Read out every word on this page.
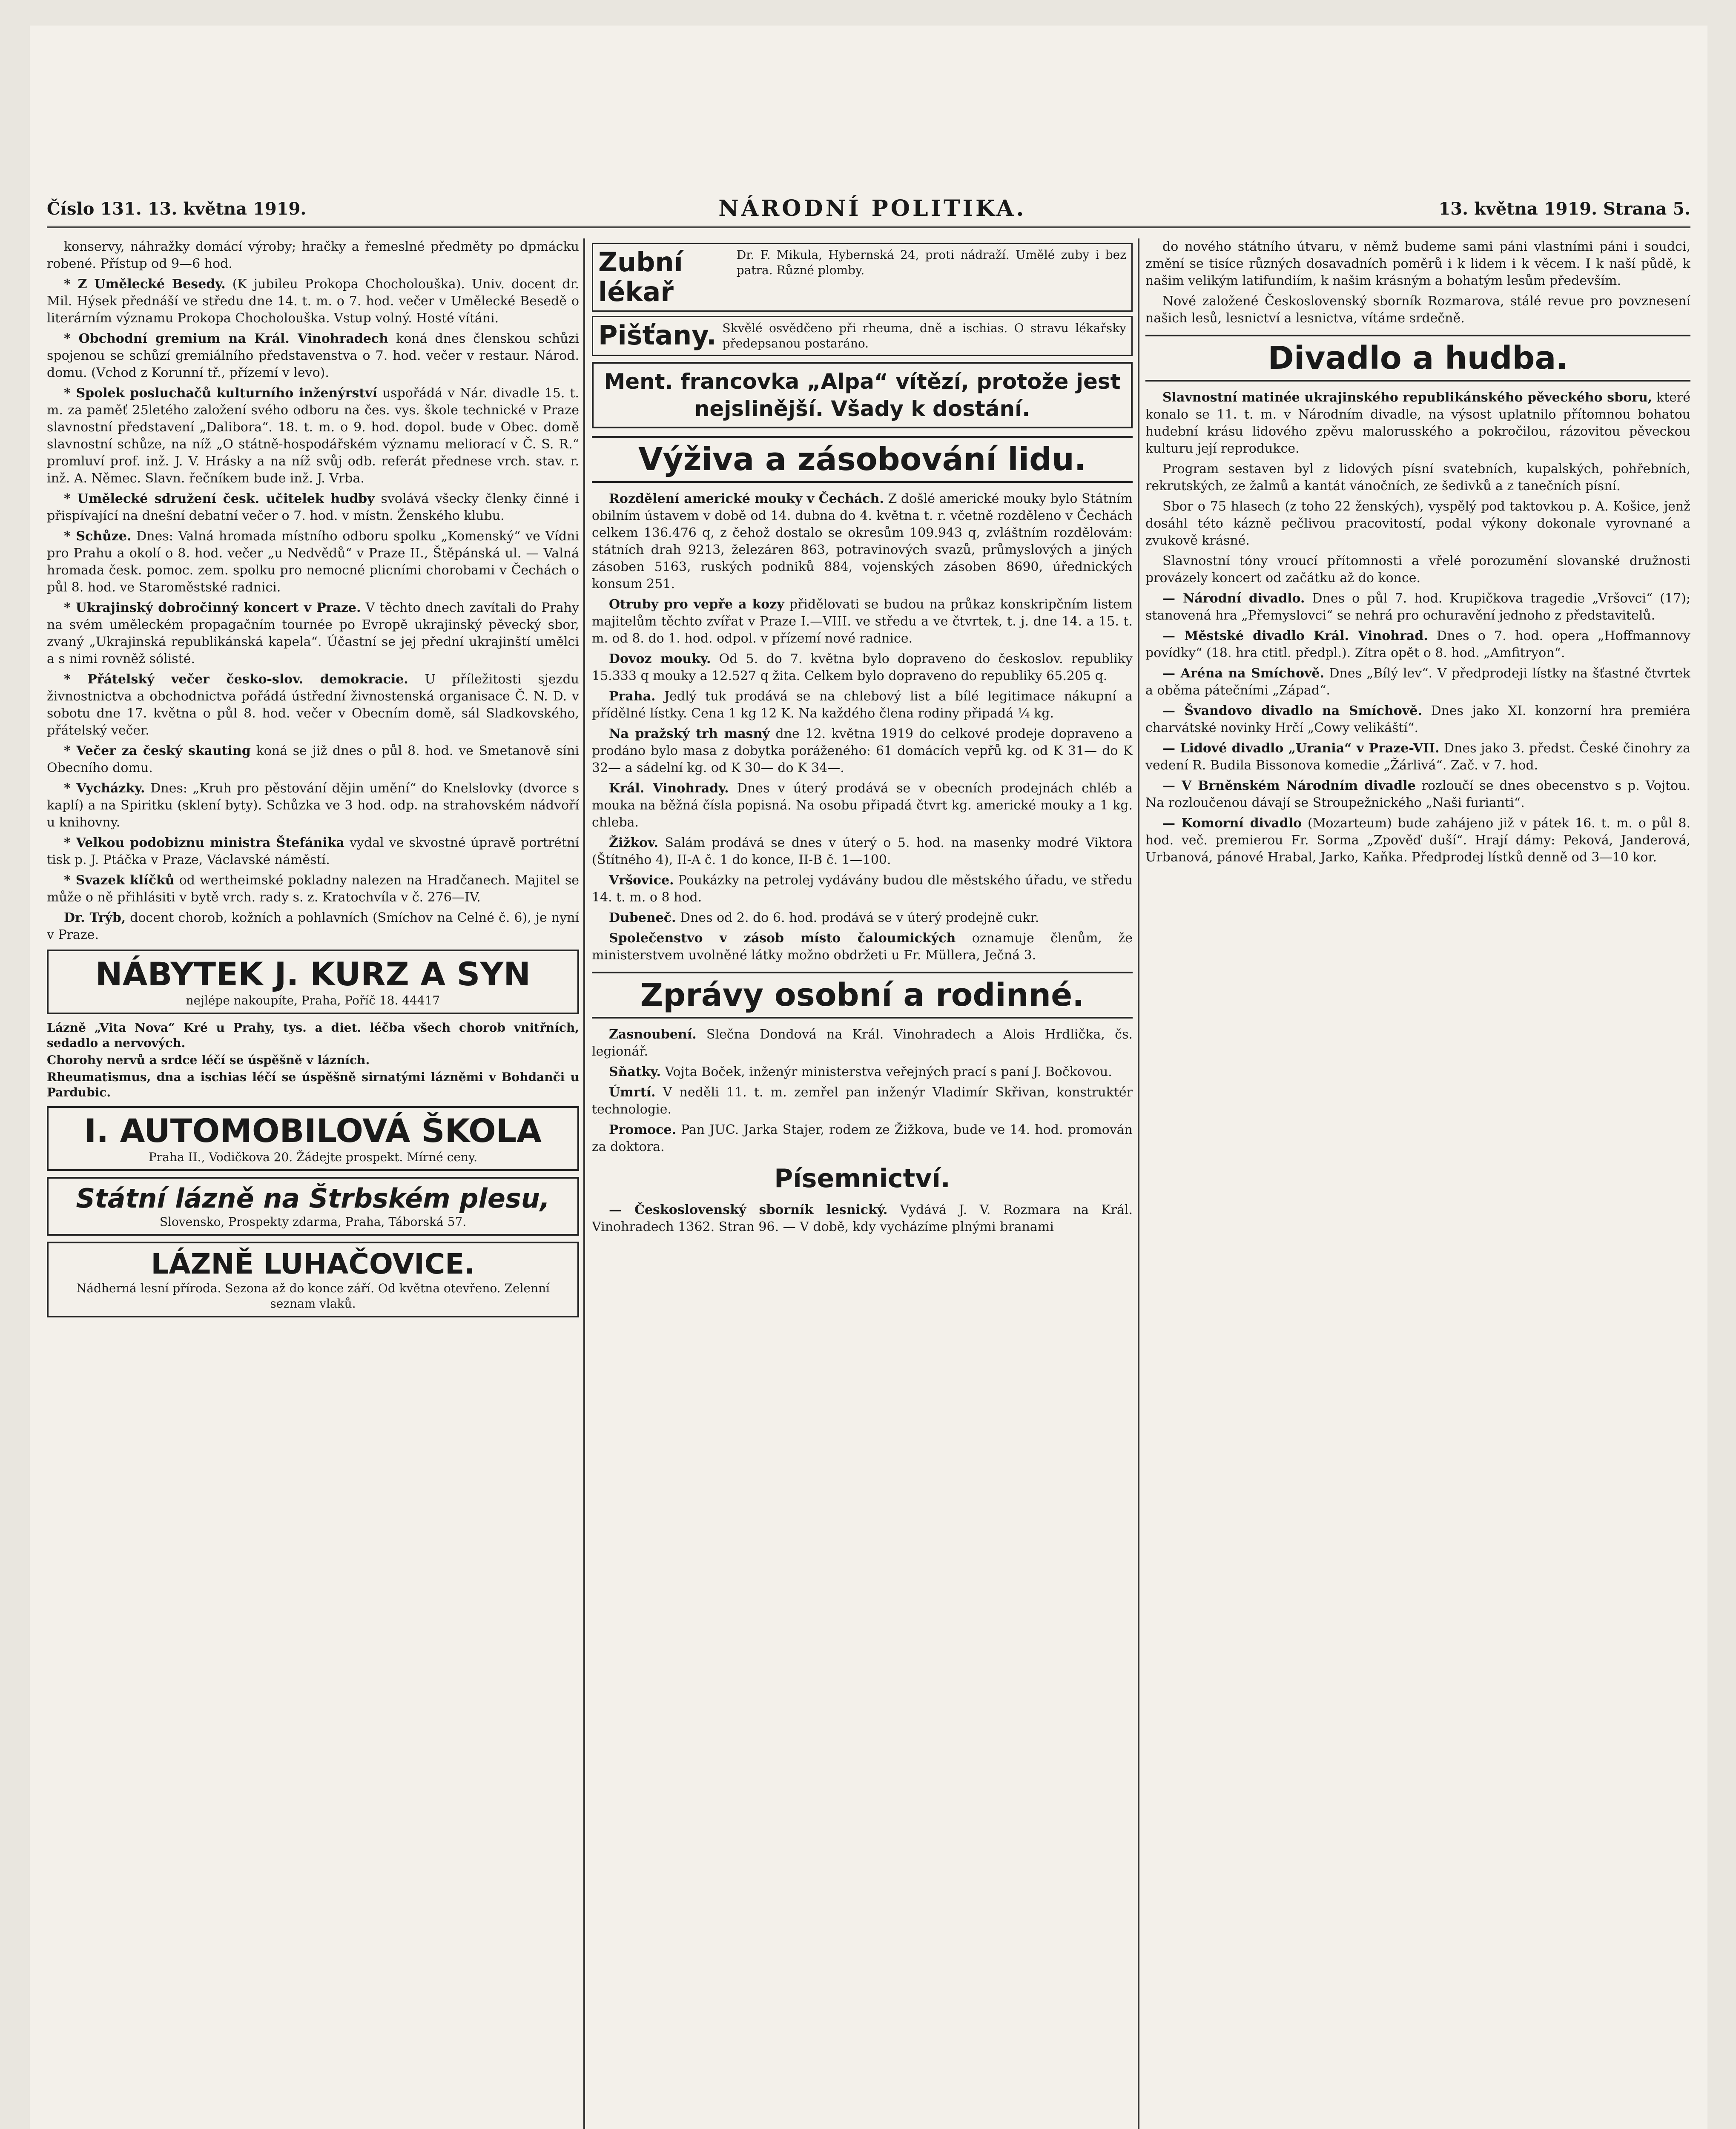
Číslo 131. 13. května 1919.	NÁRODNÍ POLITIKA.	13. května 1919. Strana 5.

konservy, náhražky domácí výroby; hračky a řemeslné předměty po dpmácku robené. Přístup od 9—6 hod.

* Z Umělecké Besedy. (K jubileu Prokopa Chocholouška). Univ. docent dr. Mil. Hýsek přednáší ve středu dne 14. t. m. o 7. hod. večer v Umělecké Besedě o literárním významu Prokopa Chocholouška. Vstup volný. Hosté vítáni.

* Obchodní gremium na Král. Vinohradech koná dnes členskou schůzi spojenou se schůzí gremiálního představenstva o 7. hod. večer v restaur. Národ. domu. (Vchod z Korunní tř., přízemí v levo).

* Spolek posluchačů kulturního inženýrství uspořádá v Nár. divadle 15. t. m. za paměť 25letého založení svého odboru na čes. vys. škole technické v Praze slavnostní představení „Dalibora“. 18. t. m. o 9. hod. dopol. bude v Obec. domě slavnostní schůze, na níž „O státně-hospodářském významu meliorací v Č. S. R.“ promluví prof. inž. J. V. Hrásky a na níž svůj odb. referát přednese vrch. stav. r. inž. A. Němec. Slavn. řečníkem bude inž. J. Vrba.

* Umělecké sdružení česk. učitelek hudby svolává všecky členky činné i přispívající na dnešní debatní večer o 7. hod. v místn. Ženského klubu.

* Schůze. Dnes: Valná hromada místního odboru spolku „Komenský“ ve Vídni pro Prahu a okolí o 8. hod. večer „u Nedvědů“ v Praze II., Štěpánská ul. — Valná hromada česk. pomoc. zem. spolku pro nemocné plicními chorobami v Čechách o půl 8. hod. ve Staroměstské radnici.

* Ukrajinský dobročinný koncert v Praze. V těchto dnech zavítali do Prahy na svém uměleckém propagačním tournée po Evropě ukrajinský pěvecký sbor, zvaný „Ukrajinská republikánská kapela“. Účastní se jej přední ukrajinští umělci a s nimi rovněž sólisté.

* Přátelský večer česko-slov. demokracie. U příležitosti sjezdu živnostnictva a obchodnictva pořádá ústřední živnostenská organisace Č. N. D. v sobotu dne 17. května o půl 8. hod. večer v Obecním domě, sál Sladkovského, přátelský večer.

* Večer za český skauting koná se již dnes o půl 8. hod. ve Smetanově síni Obecního domu.

* Vycházky. Dnes: „Kruh pro pěstování dějin umění“ do Knelslovky (dvorce s kaplí) a na Spiritku (sklení byty). Schůzka ve 3 hod. odp. na strahovském nádvoří u knihovny.

* Velkou podobiznu ministra Štefánika vydal ve skvostné úpravě portrétní tisk p. J. Ptáčka v Praze, Václavské náměstí.

* Svazek klíčků od wertheimské pokladny nalezen na Hradčanech. Majitel se může o ně přihlásiti v bytě vrch. rady s. z. Kratochvíla v č. 276—IV.

Dr. Trýb, docent chorob, kožních a pohlavních (Smíchov na Celné č. 6), je nyní v Praze.

NÁBYTEK J. KURZ A SYN
nejlépe nakoupíte, Praha, Poříč 18. 44417
Lázně „Vita Nova“ Kré u Prahy, tys. a diet. léčba všech chorob vnitřních, sedadlo a nervových.
Chorohy nervů a srdce léčí se úspěšně v lázních.
Rheumatismus, dna a ischias léčí se úspěšně sirnatými lázněmi v Bohdanči u Pardubic.
I. AUTOMOBILOVÁ ŠKOLA
Praha II., Vodičkova 20. Žádejte prospekt. Mírné ceny.
Státní lázně na Štrbském plesu,
Slovensko, Prospekty zdarma, Praha, Táborská 57.
LÁZNĚ LUHAČOVICE.
Nádherná lesní příroda. Sezona až do konce září. Od května otevřeno. Zelenní seznam vlaků.
Zubní lékař
Dr. F. Mikula, Hybernská 24, proti nádraží. Umělé zuby i bez patra. Různé plomby.
Pišťany. Skvělé osvědčeno při rheuma, dně a ischias. O stravu lékařsky předepsanou postaráno.
Ment. francovka „Alpa“ vítězí, protože jest nejslinější. Všady k dostání.
Výživa a zásobování lidu.

Rozdělení americké mouky v Čechách. Z došlé americké mouky bylo Státním obilním ústavem v době od 14. dubna do 4. května t. r. včetně rozděleno v Čechách celkem 136.476 q, z čehož dostalo se okresům 109.943 q, zvláštním rozdělovám: státních drah 9213, železáren 863, potravinových svazů, průmyslových a jiných zásoben 5163, ruských podniků 884, vojenských zásoben 8690, úřednických konsum 251.

Otruby pro vepře a kozy přidělovati se budou na průkaz konskripčním listem majitelům těchto zvířat v Praze I.—VIII. ve středu a ve čtvrtek, t. j. dne 14. a 15. t. m. od 8. do 1. hod. odpol. v přízemí nové radnice.

Dovoz mouky. Od 5. do 7. května bylo dopraveno do českoslov. republiky 15.333 q mouky a 12.527 q žita. Celkem bylo dopraveno do republiky 65.205 q.

Praha. Jedlý tuk prodává se na chlebový list a bílé legitimace nákupní a přídělné lístky. Cena 1 kg 12 K. Na každého člena rodiny připadá ¼ kg.

Na pražský trh masný dne 12. května 1919 do celkové prodeje dopraveno a prodáno bylo masa z dobytka poráženého: 61 domácích vepřů kg. od K 31— do K 32— a sádelní kg. od K 30— do K 34—.

Král. Vinohrady. Dnes v úterý prodává se v obecních prodejnách chléb a mouka na běžná čísla popisná. Na osobu připadá čtvrt kg. americké mouky a 1 kg. chleba.

Žižkov. Salám prodává se dnes v úterý o 5. hod. na masenky modré Viktora (Štítného 4), II-A č. 1 do konce, II-B č. 1—100.

Vršovice. Poukázky na petrolej vydávány budou dle městského úřadu, ve středu 14. t. m. o 8 hod.

Dubeneč. Dnes od 2. do 6. hod. prodává se v úterý prodejně cukr.

Společenstvo v zásob místo čaloumických oznamuje členům, že ministerstvem uvolněné látky možno obdržeti u Fr. Müllera, Ječná 3.

Zprávy osobní a rodinné.

Zasnoubení. Slečna Dondová na Král. Vinohradech a Alois Hrdlička, čs. legionář.

Sňatky. Vojta Boček, inženýr ministerstva veřejných prací s paní J. Bočkovou.

Úmrtí. V neděli 11. t. m. zemřel pan inženýr Vladimír Skřivan, konstruktér technologie.

Promoce. Pan JUC. Jarka Stajer, rodem ze Žižkova, bude ve 14. hod. promován za doktora.

Písemnictví.

— Československý sborník lesnický. Vydává J. V. Rozmara na Král. Vinohradech 1362. Stran 96. — V době, kdy vycházíme plnými branami

do nového státního útvaru, v němž budeme sami páni vlastními páni i soudci, změní se tisíce různých dosavadních poměrů i k lidem i k věcem. I k naší půdě, k našim velikým latifundiím, k našim krásným a bohatým lesům především.

Nové založené Československý sborník Rozmarova, stálé revue pro povznesení našich lesů, lesnictví a lesnictva, vítáme srdečně.

Divadlo a hudba.

Slavnostní matinée ukrajinského republikánského pěveckého sboru, které konalo se 11. t. m. v Národním divadle, na výsost uplatnilo přítomnou bohatou hudební krásu lidového zpěvu malorusského a pokročilou, rázovitou pěveckou kulturu její reprodukce.

Program sestaven byl z lidových písní svatebních, kupalských, pohřebních, rekrutských, ze žalmů a kantát vánočních, ze šedivků a z tanečních písní.

Sbor o 75 hlasech (z toho 22 ženských), vyspělý pod taktovkou p. A. Košice, jenž dosáhl této kázně pečlivou pracovitostí, podal výkony dokonale vyrovnané a zvukově krásné.

Slavnostní tóny vroucí přítomnosti a vřelé porozumění slovanské družnosti provázely koncert od začátku až do konce.

— Národní divadlo. Dnes o půl 7. hod. Krupičkova tragedie „Vršovci“ (17); stanovená hra „Přemyslovci“ se nehrá pro ochuravění jednoho z představitelů.

— Městské divadlo Král. Vinohrad. Dnes o 7. hod. opera „Hoffmannovy povídky“ (18. hra ctitl. předpl.). Zítra opět o 8. hod. „Amfitryon“.

— Aréna na Smíchově. Dnes „Bílý lev“. V předprodeji lístky na šťastné čtvrtek a oběma pátečními „Západ“.

— Švandovo divadlo na Smíchově. Dnes jako XI. konzorní hra premiéra charvátské novinky Hrčí „Cowy velikáští“.

— Lidové divadlo „Urania“ v Praze-VII. Dnes jako 3. předst. České činohry za vedení R. Budila Bissonova komedie „Žárlivá“. Zač. v 7. hod.

— V Brněnském Národním divadle rozloučí se dnes obecenstvo s p. Vojtou. Na rozloučenou dávají se Stroupežnického „Naši furianti“.

— Komorní divadlo (Mozarteum) bude zahájeno již v pátek 16. t. m. o půl 8. hod. več. premierou Fr. Sorma „Zpověď duší“. Hrají dámy: Peková, Janderová, Urbanová, pánové Hrabal, Jarko, Kaňka. Předprodej lístků denně od 3—10 kor.
